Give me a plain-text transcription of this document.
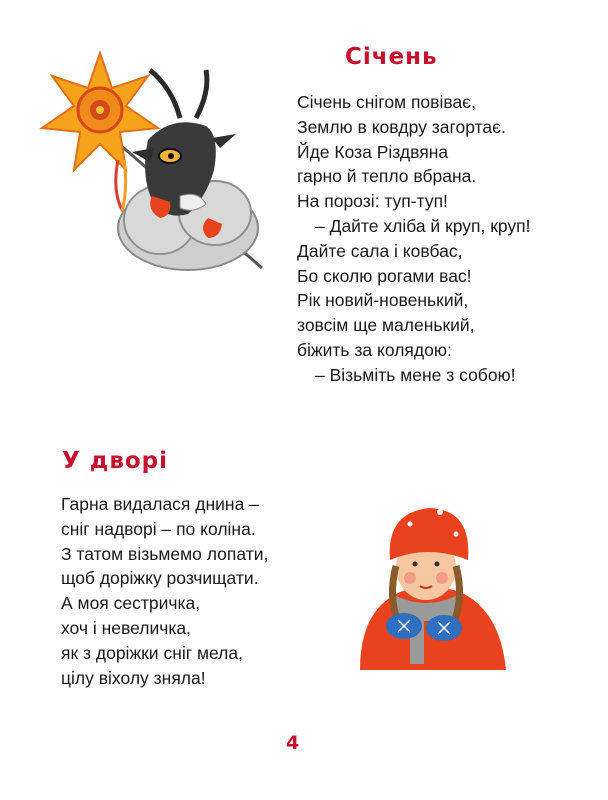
Січень
Січень снігом повіває,
Землю в ковдру загортає.
Йде Коза Різдвяна
гарно й тепло вбрана.
На порозі: туп-туп!
– Дайте хліба й круп, круп!
Дайте сала і ковбас,
Бо сколю рогами вас!
Рік новий-новенький,
зовсім ще маленький,
біжить за колядою:
– Візьміть мене з собою!
У дворі
Гарна видалася днина –
сніг надворі – по коліна.
З татом візьмемо лопати,
щоб доріжку розчищати.
А моя сестричка,
хоч і невеличка,
як з доріжки сніг мела,
цілу віхолу зняла!
4
